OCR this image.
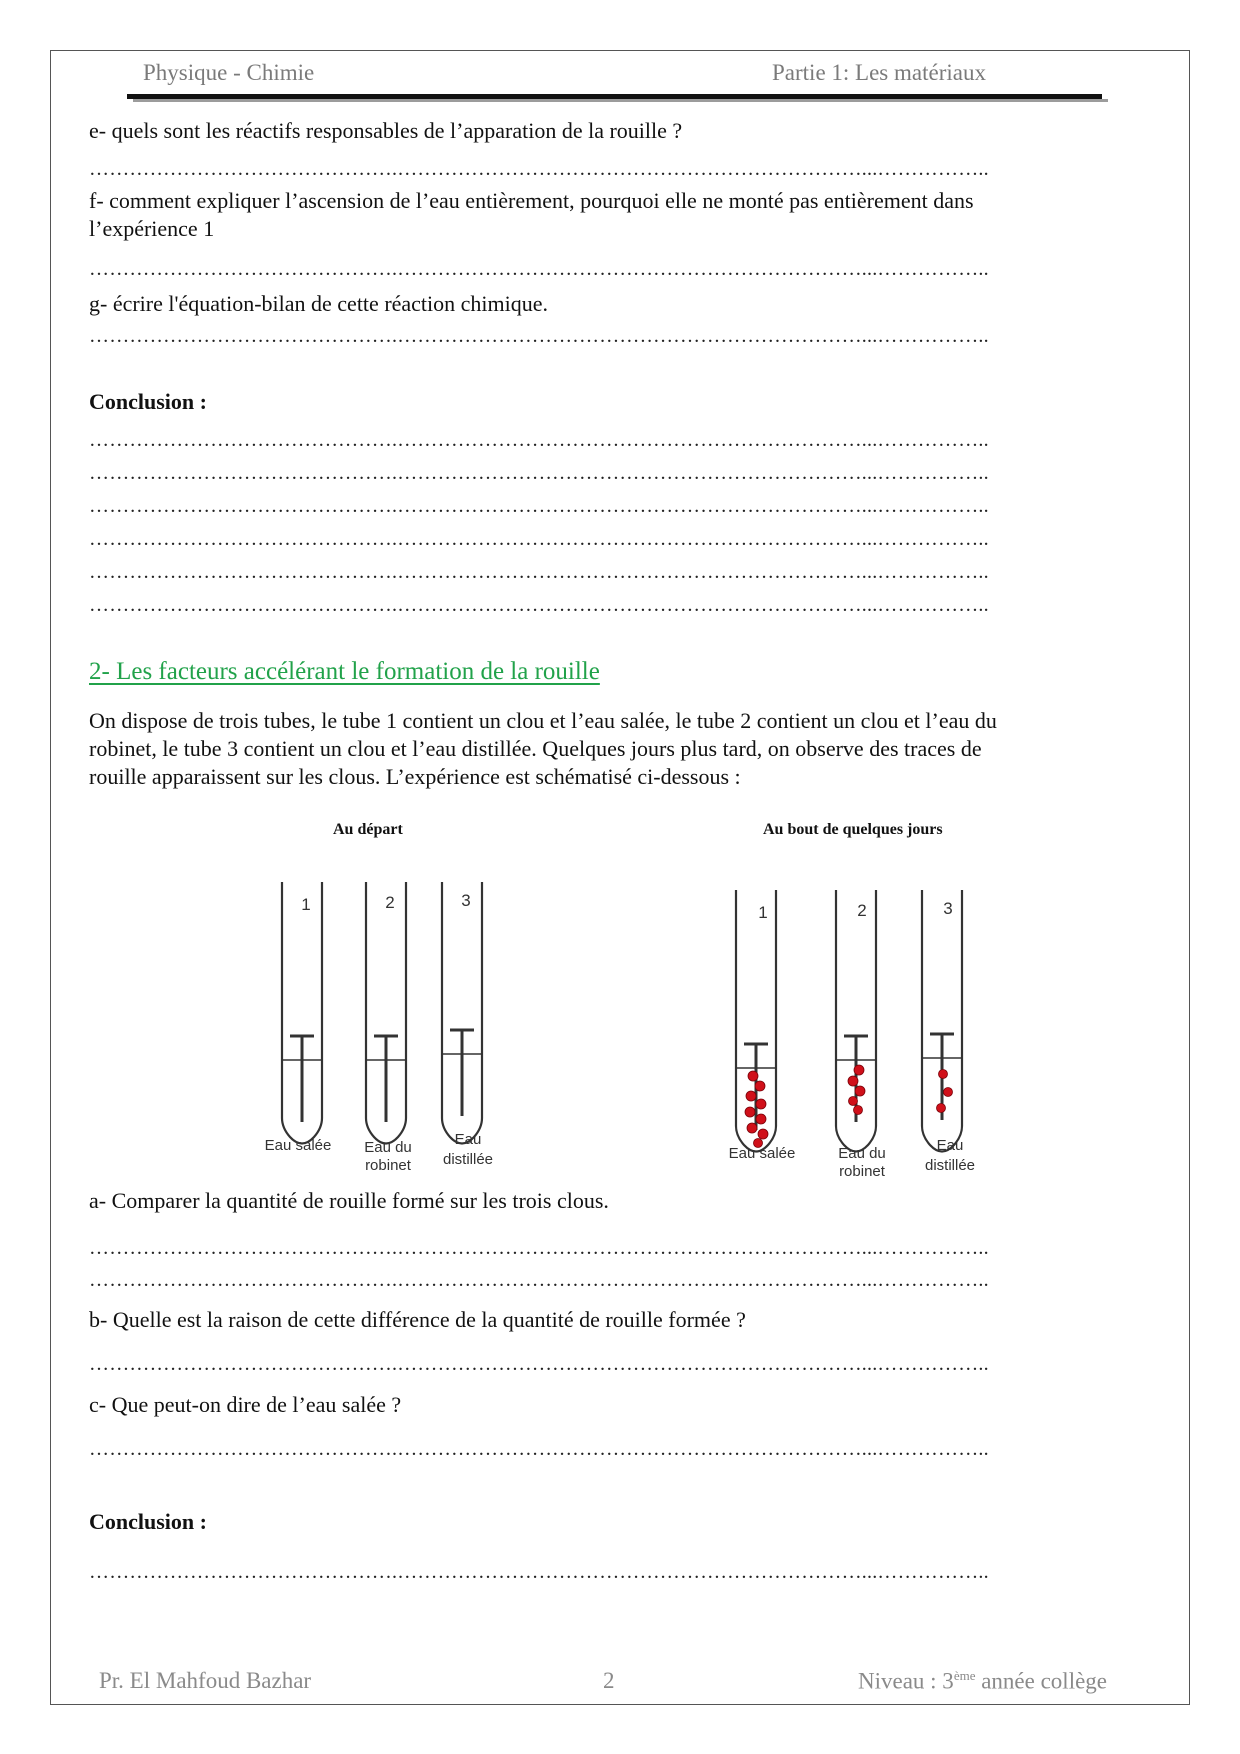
Physique - Chimie	Partie 1: Les matériaux
e- quels sont les réactifs responsables de l’apparation de la rouille ?
……………………………………….……………………………………………………………...……………..
f- comment expliquer l’ascension de l’eau entièrement, pourquoi elle ne monté pas entièrement dans
l’expérience 1
……………………………………….……………………………………………………………...……………..
g- écrire l'équation-bilan de cette réaction chimique.
……………………………………….……………………………………………………………...……………..
Conclusion :
……………………………………….……………………………………………………………...……………..
……………………………………….……………………………………………………………...……………..
……………………………………….……………………………………………………………...……………..
……………………………………….……………………………………………………………...……………..
……………………………………….……………………………………………………………...……………..
……………………………………….……………………………………………………………...……………..
2- Les facteurs accélérant le formation de la rouille
On dispose de trois tubes, le tube 1 contient un clou et l’eau salée, le tube 2 contient un clou et l’eau du
robinet, le tube 3 contient un clou et l’eau distillée. Quelques jours plus tard, on observe des traces de
rouille apparaissent sur les clous. L’expérience est schématisé ci-dessous :
Au départ	Au bout de quelques jours
1	2	3
Eau salée Eau du
robinet
Eau
distillée
1	2	3
Eau salée	Eau du
robinet
Eau
distillée
a- Comparer la quantité de rouille formé sur les trois clous.
……………………………………….……………………………………………………………...……………..
……………………………………….……………………………………………………………...……………..
b- Quelle est la raison de cette différence de la quantité de rouille formée ?
……………………………………….……………………………………………………………...……………..
c- Que peut-on dire de l’eau salée ?
……………………………………….……………………………………………………………...……………..
Conclusion :
……………………………………….……………………………………………………………...……………..
Pr. El Mahfoud Bazhar	2	Niveau : 3ème année collège
